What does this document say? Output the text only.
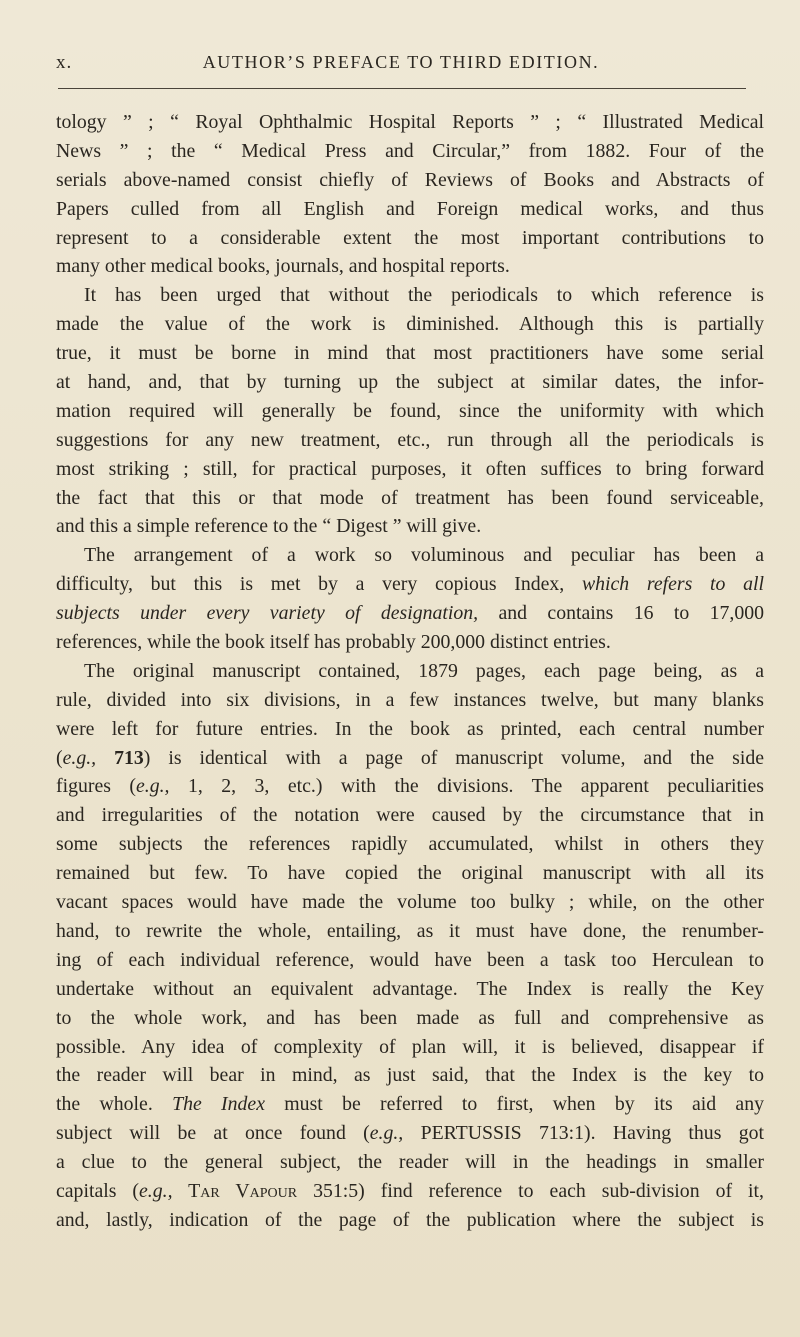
x.	AUTHOR’S PREFACE TO THIRD EDITION.
tology ” ; “ Royal Ophthalmic Hospital Reports ” ; “ Illustrated Medical
News ” ; the “ Medical Press and Circular,” from 1882. Four of the
serials above-named consist chiefly of Reviews of Books and Abstracts of
Papers culled from all English and Foreign medical works, and thus
represent to a considerable extent the most important contributions to
many other medical books, journals, and hospital reports.
It has been urged that without the periodicals to which reference is
made the value of the work is diminished. Although this is partially
true, it must be borne in mind that most practitioners have some serial
at hand, and, that by turning up the subject at similar dates, the infor-
mation required will generally be found, since the uniformity with which
suggestions for any new treatment, etc., run through all the periodicals is
most striking ; still, for practical purposes, it often suffices to bring forward
the fact that this or that mode of treatment has been found serviceable,
and this a simple reference to the “ Digest ” will give.
The arrangement of a work so voluminous and peculiar has been a
difficulty, but this is met by a very copious Index, which refers to all
subjects under every variety of designation, and contains 16 to 17,000
references, while the book itself has probably 200,000 distinct entries.
The original manuscript contained, 1879 pages, each page being, as a
rule, divided into six divisions, in a few instances twelve, but many blanks
were left for future entries. In the book as printed, each central number
(e.g., 713) is identical with a page of manuscript volume, and the side
figures (e.g., 1, 2, 3, etc.) with the divisions. The apparent peculiarities
and irregularities of the notation were caused by the circumstance that in
some subjects the references rapidly accumulated, whilst in others they
remained but few. To have copied the original manuscript with all its
vacant spaces would have made the volume too bulky ; while, on the other
hand, to rewrite the whole, entailing, as it must have done, the renumber-
ing of each individual reference, would have been a task too Herculean to
undertake without an equivalent advantage. The Index is really the Key
to the whole work, and has been made as full and comprehensive as
possible. Any idea of complexity of plan will, it is believed, disappear if
the reader will bear in mind, as just said, that the Index is the key to
the whole. The Index must be referred to first, when by its aid any
subject will be at once found (e.g., PERTUSSIS 713:1). Having thus got
a clue to the general subject, the reader will in the headings in smaller
capitals (e.g., Tar Vapour 351:5) find reference to each sub-division of it,
and, lastly, indication of the page of the publication where the subject is
